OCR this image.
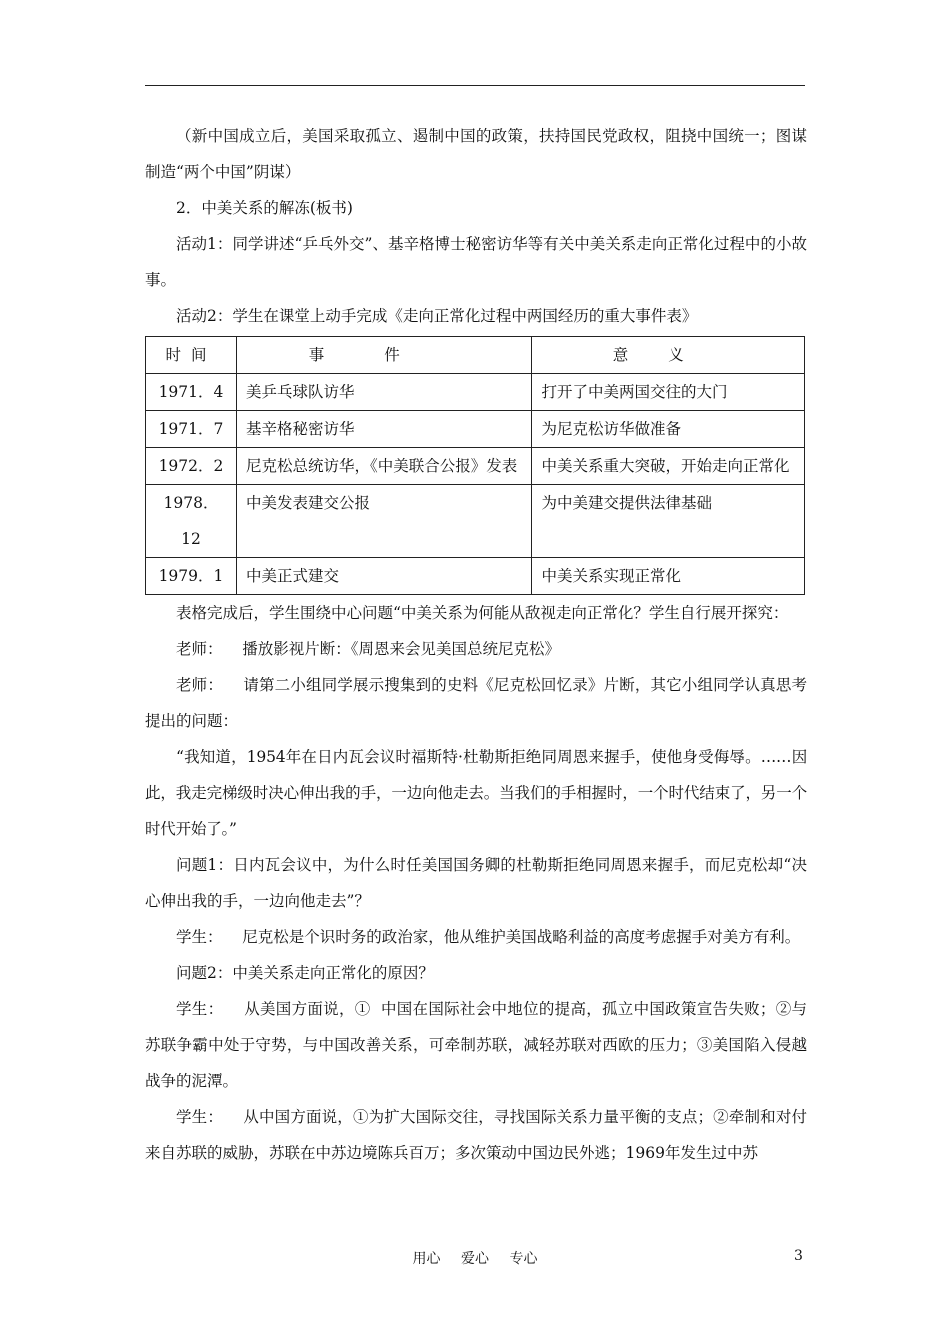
（新中国成立后，美国采取孤立、遏制中国的政策，扶持国民党政权，阻挠中国统一；图谋制造“两个中国”阴谋）

2．中美关系的解冻(板书)

活动1：同学讲述“乒乓外交”、基辛格博士秘密访华等有关中美关系走向正常化过程中的小故事。

活动2：学生在课堂上动手完成《走向正常化过程中两国经历的重大事件表》

时间	事件	意义
1971．4	美乒乓球队访华	打开了中美两国交往的大门
1971．7	基辛格秘密访华	为尼克松访华做准备
1972．2	尼克松总统访华，《中美联合公报》发表	中美关系重大突破，开始走向正常化
1978．12	中美发表建交公报	为中美建交提供法律基础
1979．1	中美正式建交	中美关系实现正常化

表格完成后，学生围绕中心问题“中美关系为何能从敌视走向正常化？学生自行展开探究：

老师：    播放影视片断：《周恩来会见美国总统尼克松》

老师：    请第二小组同学展示搜集到的史料《尼克松回忆录》片断，其它小组同学认真思考提出的问题：

“我知道，1954年在日内瓦会议时福斯特·杜勒斯拒绝同周恩来握手，使他身受侮辱。……因此，我走完梯级时决心伸出我的手，一边向他走去。当我们的手相握时，一个时代结束了，另一个时代开始了。”

问题1：日内瓦会议中，为什么时任美国国务卿的杜勒斯拒绝同周恩来握手，而尼克松却“决心伸出我的手，一边向他走去”？

学生：    尼克松是个识时务的政治家，他从维护美国战略利益的高度考虑握手对美方有利。

问题2：中美关系走向正常化的原因？

学生：    从美国方面说，①  中国在国际社会中地位的提高，孤立中国政策宣告失败；②与苏联争霸中处于守势，与中国改善关系，可牵制苏联，减轻苏联对西欧的压力；③美国陷入侵越战争的泥潭。

学生：    从中国方面说，①为扩大国际交往，寻找国际关系力量平衡的支点；②牵制和对付来自苏联的威胁，苏联在中苏边境陈兵百万；多次策动中国边民外逃；1969年发生过中苏

用心 爱心 专心	3
